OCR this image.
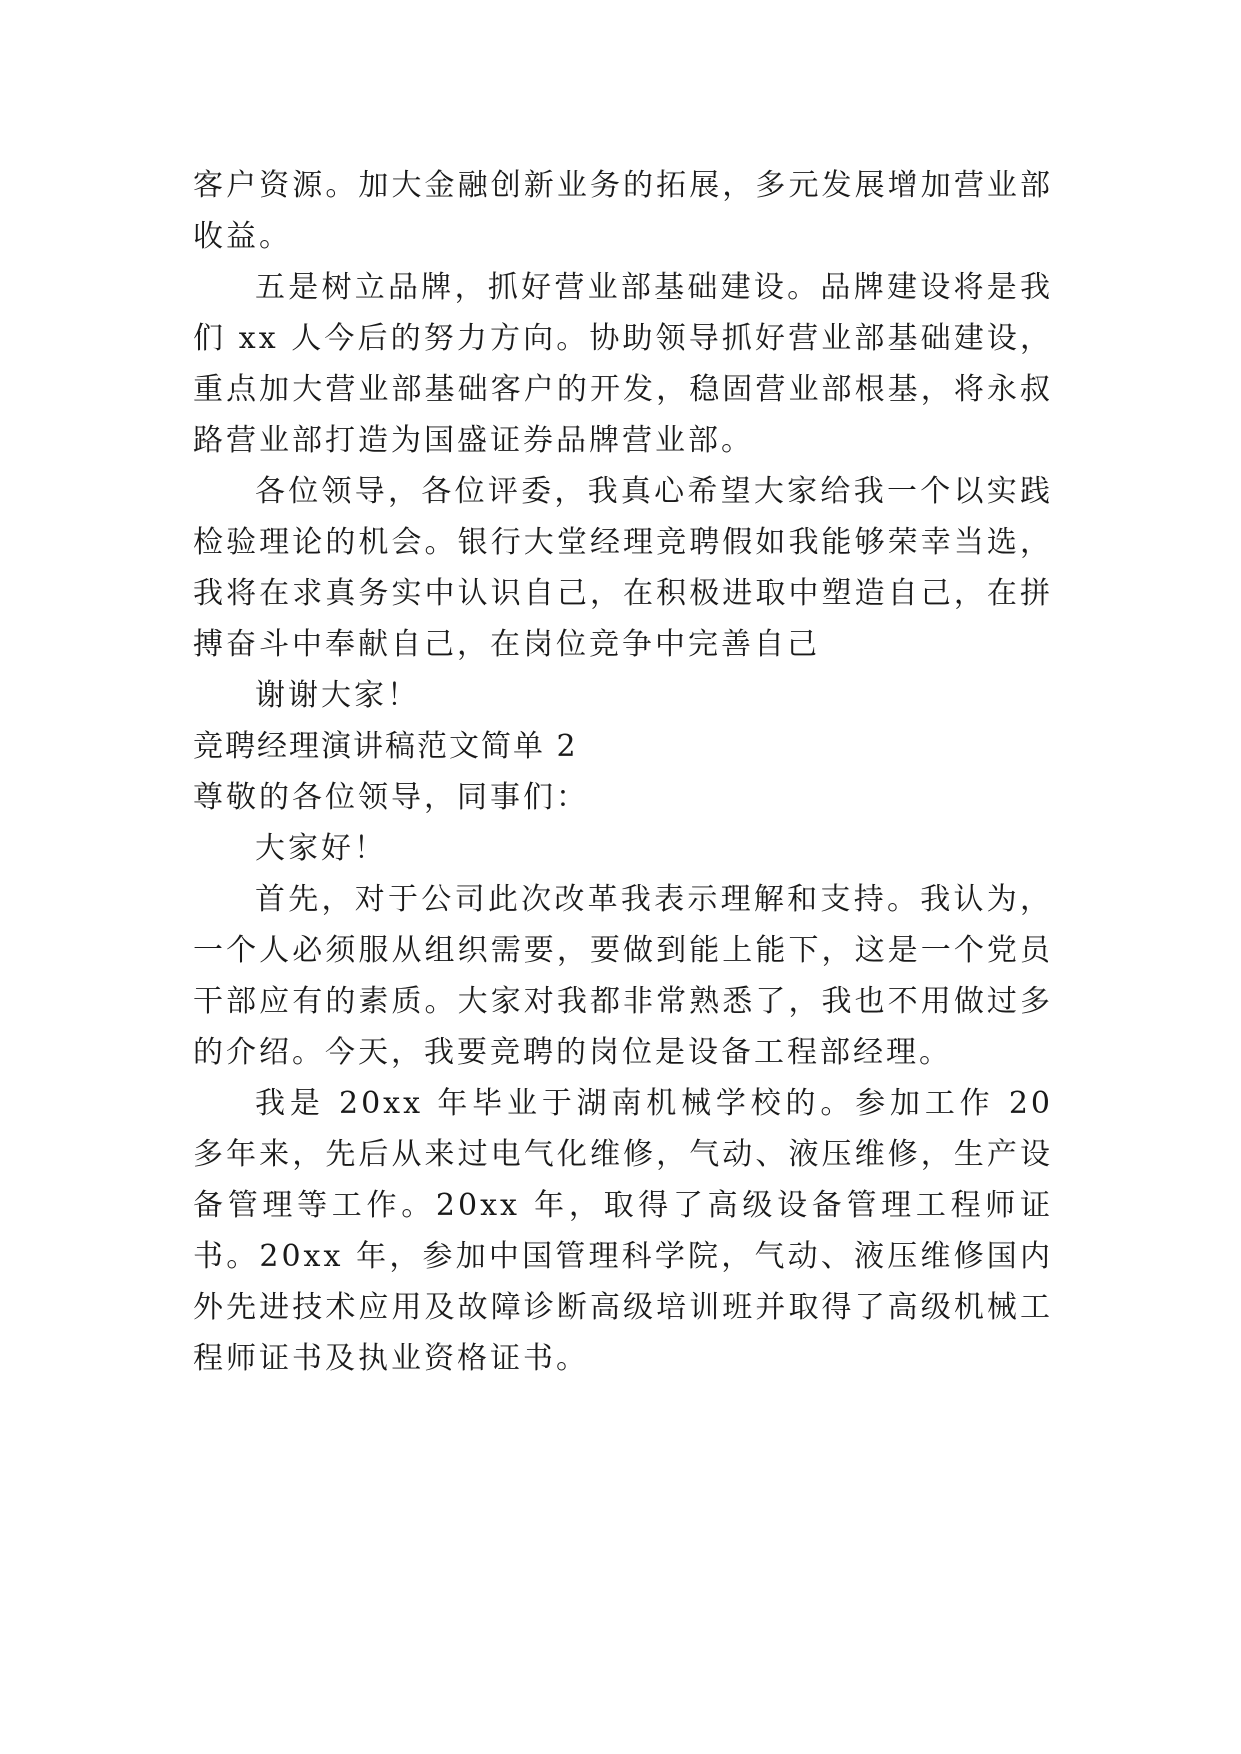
客户资源。加大金融创新业务的拓展，多元发展增加营业部收益。

五是树立品牌，抓好营业部基础建设。品牌建设将是我们 xx 人今后的努力方向。协助领导抓好营业部基础建设，重点加大营业部基础客户的开发，稳固营业部根基，将永叔路营业部打造为国盛证券品牌营业部。

各位领导，各位评委，我真心希望大家给我一个以实践检验理论的机会。银行大堂经理竞聘假如我能够荣幸当选，我将在求真务实中认识自己，在积极进取中塑造自己，在拼搏奋斗中奉献自己，在岗位竞争中完善自己

谢谢大家！

竞聘经理演讲稿范文简单 2

尊敬的各位领导，同事们：

大家好！

首先，对于公司此次改革我表示理解和支持。我认为，一个人必须服从组织需要，要做到能上能下，这是一个党员干部应有的素质。大家对我都非常熟悉了，我也不用做过多的介绍。今天，我要竞聘的岗位是设备工程部经理。

我是 20xx 年毕业于湖南机械学校的。参加工作 20 多年来，先后从来过电气化维修，气动、液压维修，生产设备管理等工作。20xx 年，取得了高级设备管理工程师证书。20xx 年，参加中国管理科学院，气动、液压维修国内外先进技术应用及故障诊断高级培训班并取得了高级机械工程师证书及执业资格证书。
